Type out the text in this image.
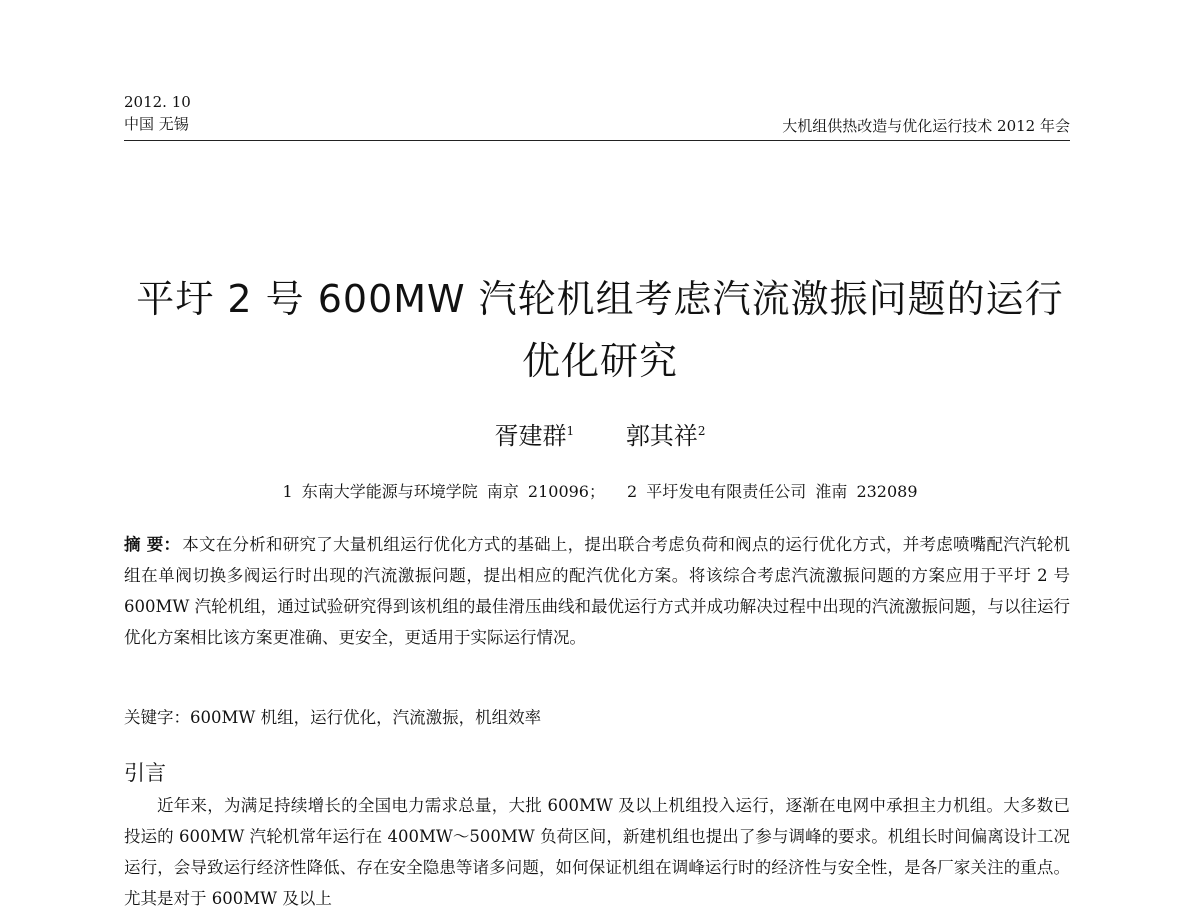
2012. 10
中国 无锡	大机组供热改造与优化运行技术 2012 年会
平圩 2 号 600MW 汽轮机组考虑汽流激振问题的运行优化研究
胥建群$^1$ 郭其祥$^2$
1 东南大学能源与环境学院 南京 210096； 2 平圩发电有限责任公司 淮南 232089
摘 要： 本文在分析和研究了大量机组运行优化方式的基础上，提出联合考虑负荷和阀点的运行优化方式，并考虑喷嘴配汽汽轮机组在单阀切换多阀运行时出现的汽流激振问题，提出相应的配汽优化方案。将该综合考虑汽流激振问题的方案应用于平圩 2 号 600MW 汽轮机组，通过试验研究得到该机组的最佳滑压曲线和最优运行方式并成功解决过程中出现的汽流激振问题，与以往运行优化方案相比该方案更准确、更安全，更适用于实际运行情况。
关键字：600MW 机组，运行优化，汽流激振，机组效率
引言
近年来，为满足持续增长的全国电力需求总量，大批 600MW 及以上机组投入运行，逐渐在电网中承担主力机组。大多数已投运的 600MW 汽轮机常年运行在 400MW～500MW 负荷区间，新建机组也提出了参与调峰的要求。机组长时间偏离设计工况运行，会导致运行经济性降低、存在安全隐患等诸多问题，如何保证机组在调峰运行时的经济性与安全性，是各厂家关注的重点。尤其是对于 600MW 及以上
